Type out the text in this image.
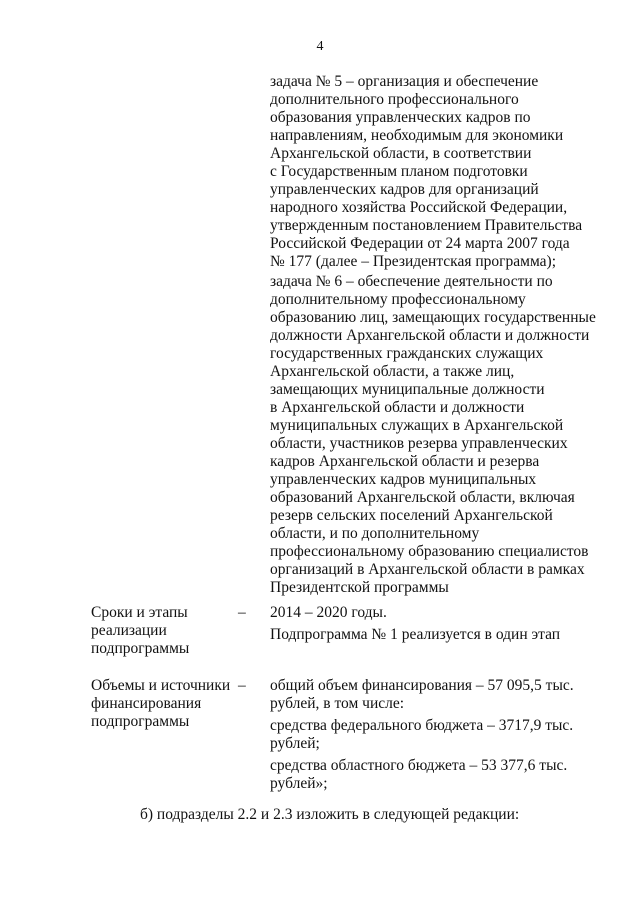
4
задача № 5 – организация и обеспечение
дополнительного профессионального
образования управленческих кадров по
направлениям, необходимым для экономики
Архангельской области, в соответствии
с Государственным планом подготовки
управленческих кадров для организаций
народного хозяйства Российской Федерации,
утвержденным постановлением Правительства
Российской Федерации от 24 марта 2007 года
№ 177 (далее – Президентская программа);
задача № 6 – обеспечение деятельности по
дополнительному профессиональному
образованию лиц, замещающих государственные
должности Архангельской области и должности
государственных гражданских служащих
Архангельской области, а также лиц,
замещающих муниципальные должности
в Архангельской области и должности
муниципальных служащих в Архангельской
области, участников резерва управленческих
кадров Архангельской области и резерва
управленческих кадров муниципальных
образований Архангельской области, включая
резерв сельских поселений Архангельской
области, и по дополнительному
профессиональному образованию специалистов
организаций в Архангельской области в рамках
Президентской программы
Сроки и этапы
реализации
подпрограммы
– 2014 – 2020 годы.
Подпрограмма № 1 реализуется в один этап
Объемы и источники
финансирования
подпрограммы
– общий объем финансирования – 57 095,5 тыс.
рублей, в том числе:
средства федерального бюджета – 3717,9 тыс.
рублей;
средства областного бюджета – 53 377,6 тыс.
рублей»;
б) подразделы 2.2 и 2.3 изложить в следующей редакции:
